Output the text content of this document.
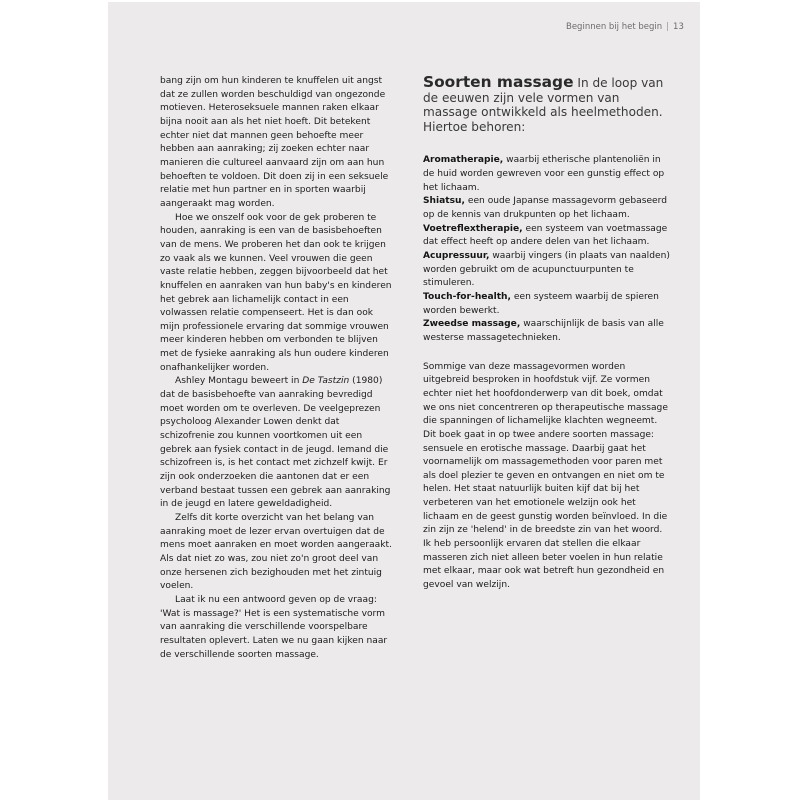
Beginnen bij het begin | 13

bang zijn om hun kinderen te knuffelen uit angst dat ze zullen worden beschuldigd van ongezonde motieven. Heteroseksuele mannen raken elkaar bijna nooit aan als het niet hoeft. Dit betekent echter niet dat mannen geen behoefte meer hebben aan aanraking; zij zoeken echter naar manieren die cultureel aanvaard zijn om aan hun behoeften te voldoen. Dit doen zij in een seksuele relatie met hun partner en in sporten waarbij aangeraakt mag worden.

Hoe we onszelf ook voor de gek proberen te houden, aanraking is een van de basisbehoeften van de mens. We proberen het dan ook te krijgen zo vaak als we kunnen. Veel vrouwen die geen vaste relatie hebben, zeggen bijvoorbeeld dat het knuffelen en aanraken van hun baby's en kinderen het gebrek aan lichamelijk contact in een volwassen relatie compenseert. Het is dan ook mijn professionele ervaring dat sommige vrouwen meer kinderen hebben om verbonden te blijven met de fysieke aanraking als hun oudere kinderen onafhankelijker worden.

Ashley Montagu beweert in De Tastzin (1980) dat de basisbehoefte van aanraking bevredigd moet worden om te overleven. De veelgeprezen psycholoog Alexander Lowen denkt dat schizofrenie zou kunnen voortkomen uit een gebrek aan fysiek contact in de jeugd. Iemand die schizofreen is, is het contact met zichzelf kwijt. Er zijn ook onderzoeken die aantonen dat er een verband bestaat tussen een gebrek aan aanraking in de jeugd en latere geweldadigheid.

Zelfs dit korte overzicht van het belang van aanraking moet de lezer ervan overtuigen dat de mens moet aanraken en moet worden aangeraakt. Als dat niet zo was, zou niet zo'n groot deel van onze hersenen zich bezighouden met het zintuig voelen.

Laat ik nu een antwoord geven op de vraag: 'Wat is massage?' Het is een systematische vorm van aanraking die verschillende voorspelbare resultaten oplevert. Laten we nu gaan kijken naar de verschillende soorten massage.

Soorten massage In de loop van de eeuwen zijn vele vormen van massage ontwikkeld als heelmethoden. Hiertoe behoren:
Aromatherapie, waarbij etherische plantenoliën in de huid worden gewreven voor een gunstig effect op het lichaam.
Shiatsu, een oude Japanse massagevorm gebaseerd op de kennis van drukpunten op het lichaam.
Voetreflextherapie, een systeem van voetmassage dat effect heeft op andere delen van het lichaam.
Acupressuur, waarbij vingers (in plaats van naalden) worden gebruikt om de acupunctuurpunten te stimuleren.
Touch-for-health, een systeem waarbij de spieren worden bewerkt.
Zweedse massage, waarschijnlijk de basis van alle westerse massagetechnieken.

Sommige van deze massagevormen worden uitgebreid besproken in hoofdstuk vijf. Ze vormen echter niet het hoofdonderwerp van dit boek, omdat we ons niet concentreren op therapeutische massage die spanningen of lichamelijke klachten wegneemt. Dit boek gaat in op twee andere soorten massage: sensuele en erotische massage. Daarbij gaat het voornamelijk om massagemethoden voor paren met als doel plezier te geven en ontvangen en niet om te helen. Het staat natuurlijk buiten kijf dat bij het verbeteren van het emotionele welzijn ook het lichaam en de geest gunstig worden beïnvloed. In die zin zijn ze 'helend' in de breedste zin van het woord. Ik heb persoonlijk ervaren dat stellen die elkaar masseren zich niet alleen beter voelen in hun relatie met elkaar, maar ook wat betreft hun gezondheid en gevoel van welzijn.
